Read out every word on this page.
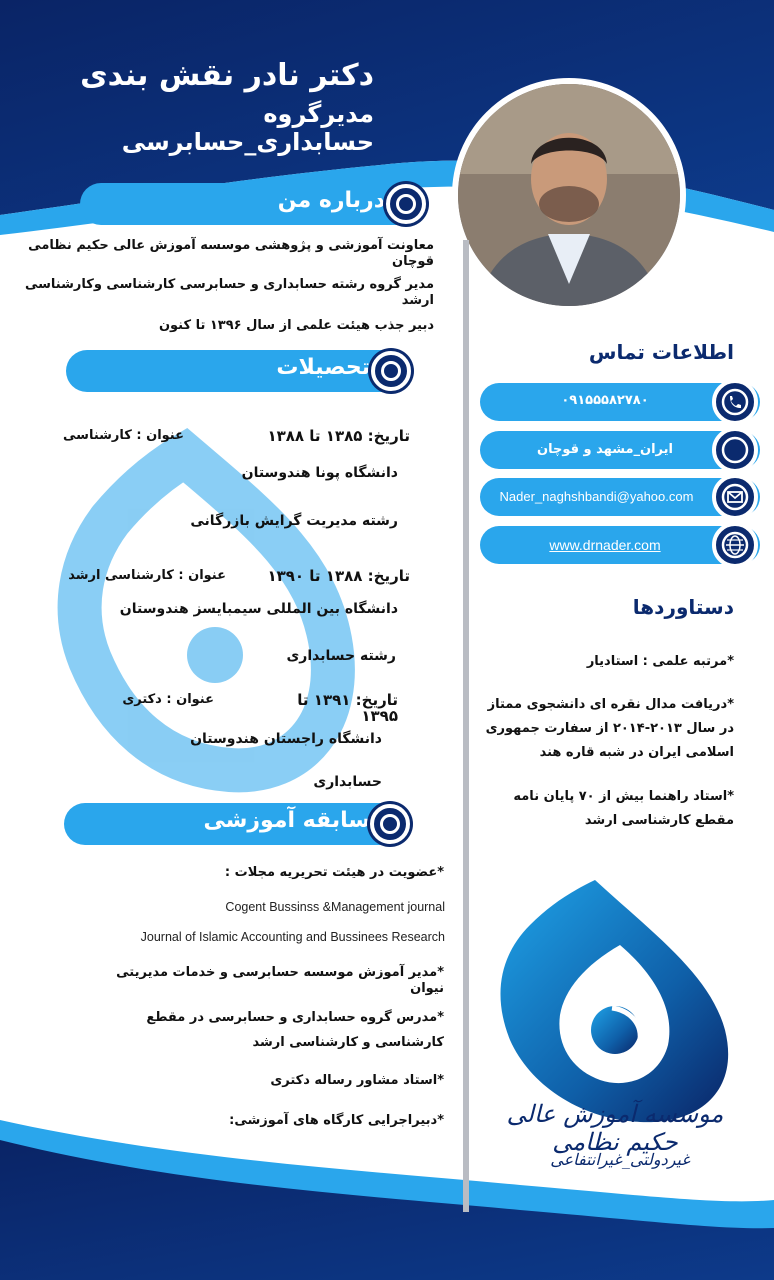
دکتر نادر نقش بندی
مدیرگروه حسابداری_حسابرسی
درباره من
معاونت آموزشی و پژوهشی موسسه آموزش عالی حکیم نظامی قوچان
مدیر گروه رشته حسابداری و حسابرسی کارشناسی وکارشناسی ارشد
دبیر جذب هیئت علمی از سال ۱۳۹۶ تا کنون
تحصیلات
تاریخ: ۱۳۸۵ تا ۱۳۸۸
عنوان : کارشناسی
دانشگاه پونا هندوستان
رشته مدیریت گرایش بازرگانی
تاریخ: ۱۳۸۸ تا ۱۳۹۰
عنوان : کارشناسی ارشد
دانشگاه بین المللی سیمبایسز هندوستان
رشته حسابداری
تاریخ: ۱۳۹۱ تا ۱۳۹۵
عنوان : دکتری
دانشگاه راجستان هندوستان
حسابداری
سابقه آموزشی
*عضویت در هیئت تحریریه مجلات :
Cogent Bussinss &Management journal
Journal of Islamic Accounting and Bussinees Research
*مدیر آموزش موسسه حسابرسی و خدمات مدیریتی نیوان
*مدرس گروه حسابداری و حسابرسی در مقطع کارشناسی و کارشناسی ارشد
*استاد مشاور رساله دکتری
*دبیراجرایی کارگاه های آموزشی:
اطلاعات تماس
۰۹۱۵۵۵۸۲۷۸۰
ایران_مشهد و قوچان
Nader_naghshbandi@yahoo.com
www.drnader.com
دستاوردها
*مرتبه علمی : استادیار
*دریافت مدال نقره ای دانشجوی ممتاز در سال ۲۰۱۳-۲۰۱۴ از سفارت جمهوری اسلامی ایران در شبه قاره هند
*استاد راهنما بیش از ۷۰ پایان نامه مقطع کارشناسی ارشد
موسسه آموزش عالی حکیم نظامی
غیردولتی_غیرانتفاعی
